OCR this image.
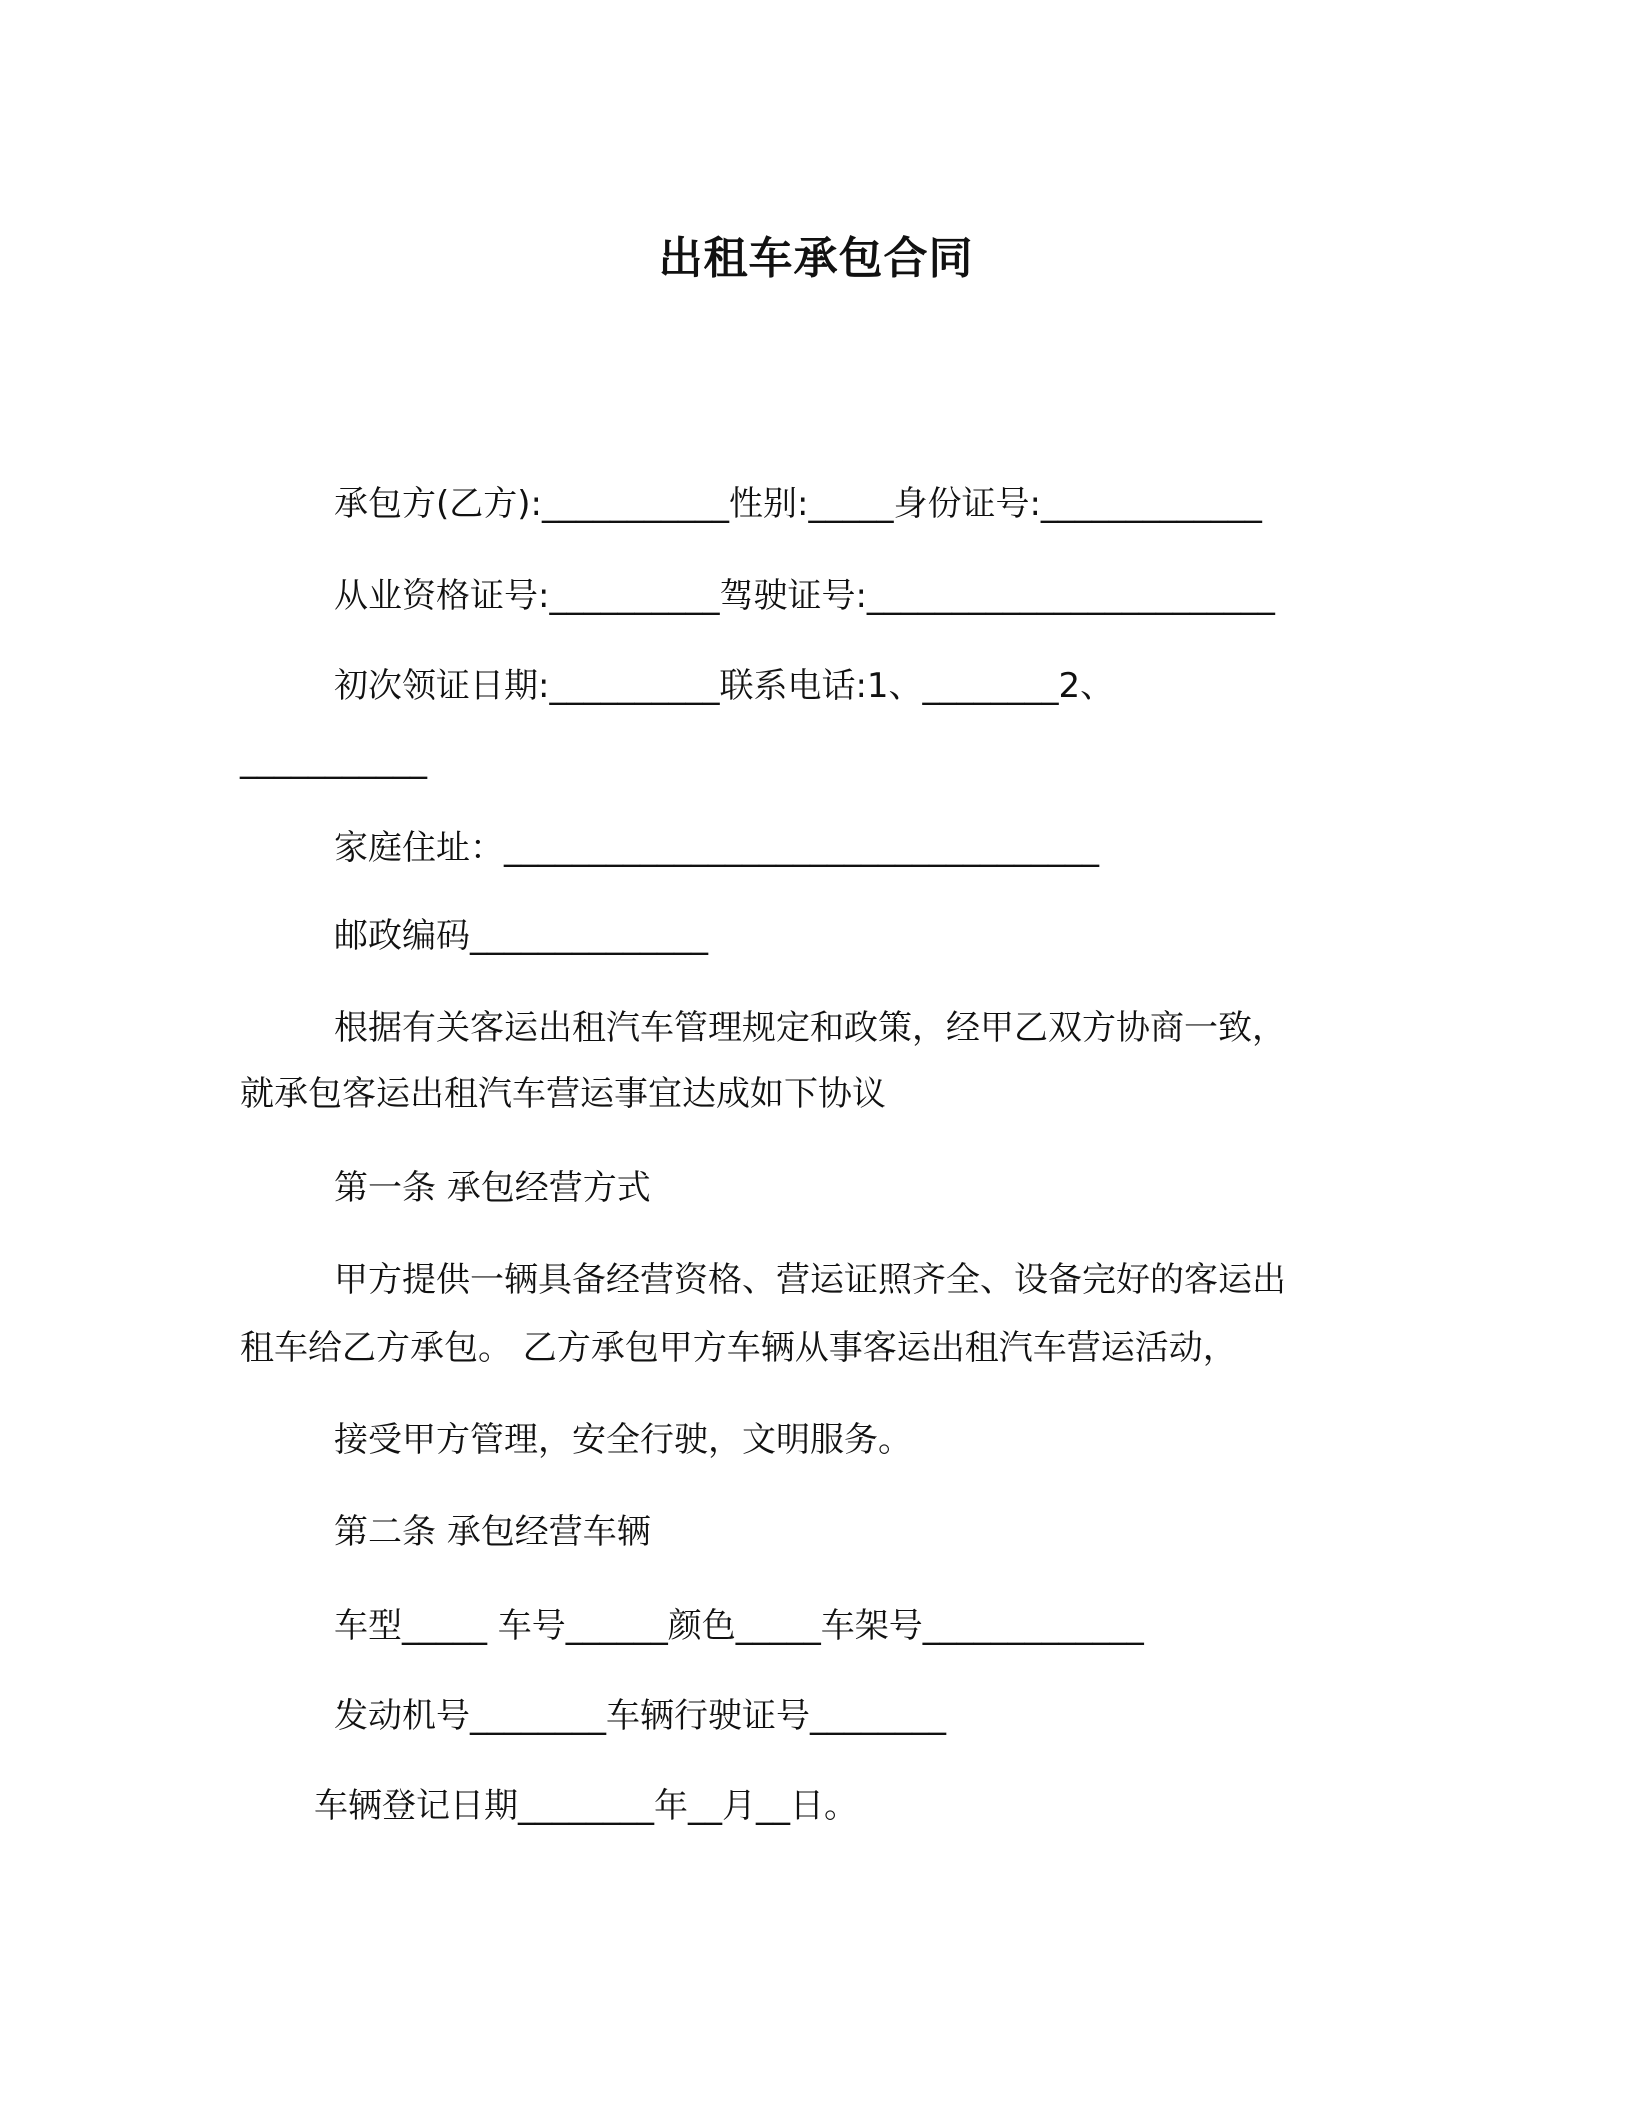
出租车承包合同

承包方(乙方):___________性别:_____身份证号:_____________

从业资格证号:__________驾驶证号:________________________

初次领证日期:__________联系电话:1、________2、

___________

家庭住址：___________________________________

邮政编码______________

根据有关客运出租汽车管理规定和政策，经甲乙双方协商一致，

就承包客运出租汽车营运事宜达成如下协议

第一条 承包经营方式

甲方提供一辆具备经营资格、营运证照齐全、设备完好的客运出

租车给乙方承包。 乙方承包甲方车辆从事客运出租汽车营运活动，

接受甲方管理，安全行驶，文明服务。

第二条 承包经营车辆

车型_____ 车号______颜色_____车架号_____________

发动机号________车辆行驶证号________

车辆登记日期________年__月__日。
